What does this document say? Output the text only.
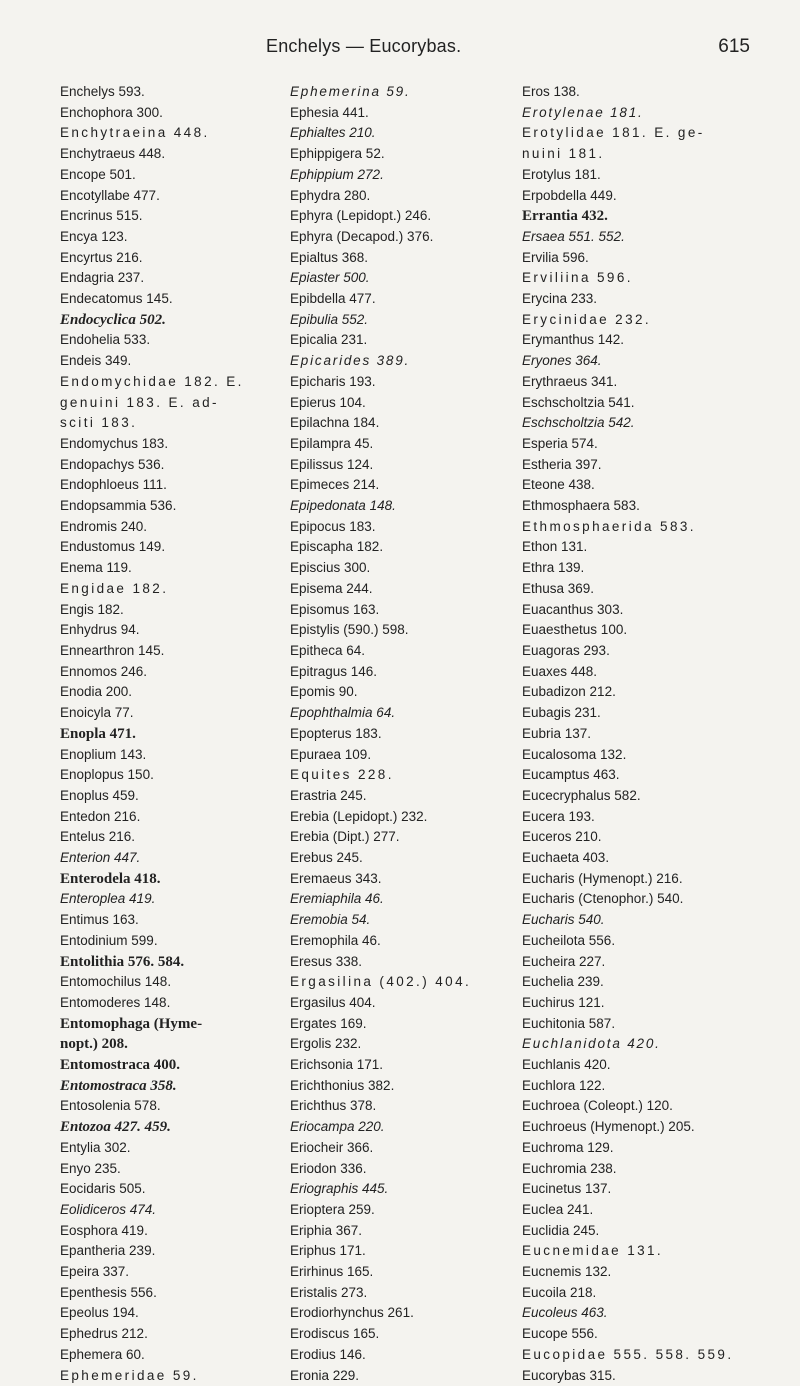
Enchelys — Eucorybas.	615
Enchelys 593.
Enchophora 300.
Enchytraeina 448.
Enchytraeus 448.
Encope 501.
Encotyllabe 477.
Encrinus 515.
Encya 123.
Encyrtus 216.
Endagria 237.
Endecatomus 145.
Endocyclica 502.
Endohelia 533.
Endeis 349.
Endomychidae 182. E.
genuini 183. E. ad-
sciti 183.
Endomychus 183.
Endopachys 536.
Endophloeus 111.
Endopsammia 536.
Endromis 240.
Endustomus 149.
Enema 119.
Engidae 182.
Engis 182.
Enhydrus 94.
Ennearthron 145.
Ennomos 246.
Enodia 200.
Enoicyla 77.
Enopla 471.
Enoplium 143.
Enoplopus 150.
Enoplus 459.
Entedon 216.
Entelus 216.
Enterion 447.
Enterodela 418.
Enteroplea 419.
Entimus 163.
Entodinium 599.
Entolithia 576. 584.
Entomochilus 148.
Entomoderes 148.
Entomophaga (Hyme-
nopt.) 208.
Entomostraca 400.
Entomostraca 358.
Entosolenia 578.
Entozoa 427. 459.
Entylia 302.
Enyo 235.
Eocidaris 505.
Eolidiceros 474.
Eosphora 419.
Epantheria 239.
Epeira 337.
Epenthesis 556.
Epeolus 194.
Ephedrus 212.
Ephemera 60.
Ephemeridae 59.
Ephemerina 59.
Ephesia 441.
Ephialtes 210.
Ephippigera 52.
Ephippium 272.
Ephydra 280.
Ephyra (Lepidopt.) 246.
Ephyra (Decapod.) 376.
Epialtus 368.
Epiaster 500.
Epibdella 477.
Epibulia 552.
Epicalia 231.
Epicarides 389.
Epicharis 193.
Epierus 104.
Epilachna 184.
Epilampra 45.
Epilissus 124.
Epimeces 214.
Epipedonata 148.
Epipocus 183.
Episcapha 182.
Episcius 300.
Episema 244.
Episomus 163.
Epistylis (590.) 598.
Epitheca 64.
Epitragus 146.
Epomis 90.
Epophthalmia 64.
Epopterus 183.
Epuraea 109.
Equites 228.
Erastria 245.
Erebia (Lepidopt.) 232.
Erebia (Dipt.) 277.
Erebus 245.
Eremaeus 343.
Eremiaphila 46.
Eremobia 54.
Eremophila 46.
Eresus 338.
Ergasilina (402.) 404.
Ergasilus 404.
Ergates 169.
Ergolis 232.
Erichsonia 171.
Erichthonius 382.
Erichthus 378.
Eriocampa 220.
Eriocheir 366.
Eriodon 336.
Eriographis 445.
Erioptera 259.
Eriphia 367.
Eriphus 171.
Erirhinus 165.
Eristalis 273.
Erodiorhynchus 261.
Erodiscus 165.
Erodius 146.
Eronia 229.
Eros 138.
Erotylenae 181.
Erotylidae 181. E. ge-
nuini 181.
Erotylus 181.
Erpobdella 449.
Errantia 432.
Ersaea 551. 552.
Ervilia 596.
Erviliina 596.
Erycina 233.
Erycinidae 232.
Erymanthus 142.
Eryones 364.
Erythraeus 341.
Eschscholtzia 541.
Eschscholtzia 542.
Esperia 574.
Estheria 397.
Eteone 438.
Ethmosphaera 583.
Ethmosphaerida 583.
Ethon 131.
Ethra 139.
Ethusa 369.
Euacanthus 303.
Euaesthetus 100.
Euagoras 293.
Euaxes 448.
Eubadizon 212.
Eubagis 231.
Eubria 137.
Eucalosoma 132.
Eucamptus 463.
Eucecryphalus 582.
Eucera 193.
Euceros 210.
Euchaeta 403.
Eucharis (Hymenopt.) 216.
Eucharis (Ctenophor.) 540.
Eucharis 540.
Eucheilota 556.
Eucheira 227.
Euchelia 239.
Euchirus 121.
Euchitonia 587.
Euchlanidota 420.
Euchlanis 420.
Euchlora 122.
Euchroea (Coleopt.) 120.
Euchroeus (Hymenopt.) 205.
Euchroma 129.
Euchromia 238.
Eucinetus 137.
Euclea 241.
Euclidia 245.
Eucnemidae 131.
Eucnemis 132.
Eucoila 218.
Eucoleus 463.
Eucope 556.
Eucopidae 555. 558. 559.
Eucorybas 315.
